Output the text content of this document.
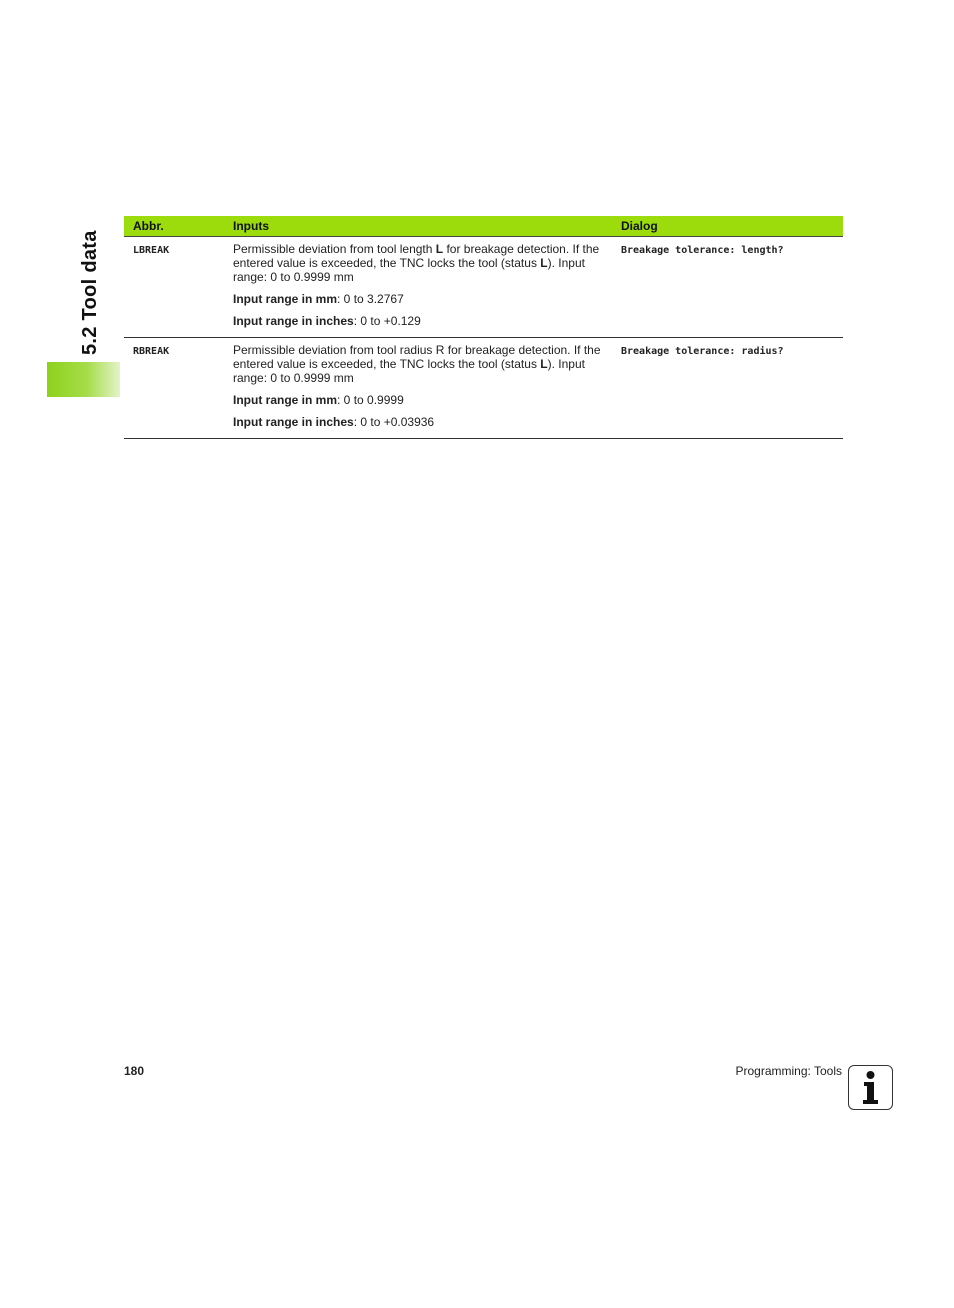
5.2 Tool data
Abbr.	Inputs	Dialog
LBREAK	Permissible deviation from tool length L for breakage detection. If the entered value is exceeded, the TNC locks the tool (status L). Input range: 0 to 0.9999 mm

Input range in mm: 0 to 3.2767

Input range in inches: 0 to +0.129	Breakage tolerance: length?
RBREAK	Permissible deviation from tool radius R for breakage detection. If the entered value is exceeded, the TNC locks the tool (status L). Input range: 0 to 0.9999 mm

Input range in mm: 0 to 0.9999

Input range in inches: 0 to +0.03936	Breakage tolerance: radius?
180	Programming: Tools
